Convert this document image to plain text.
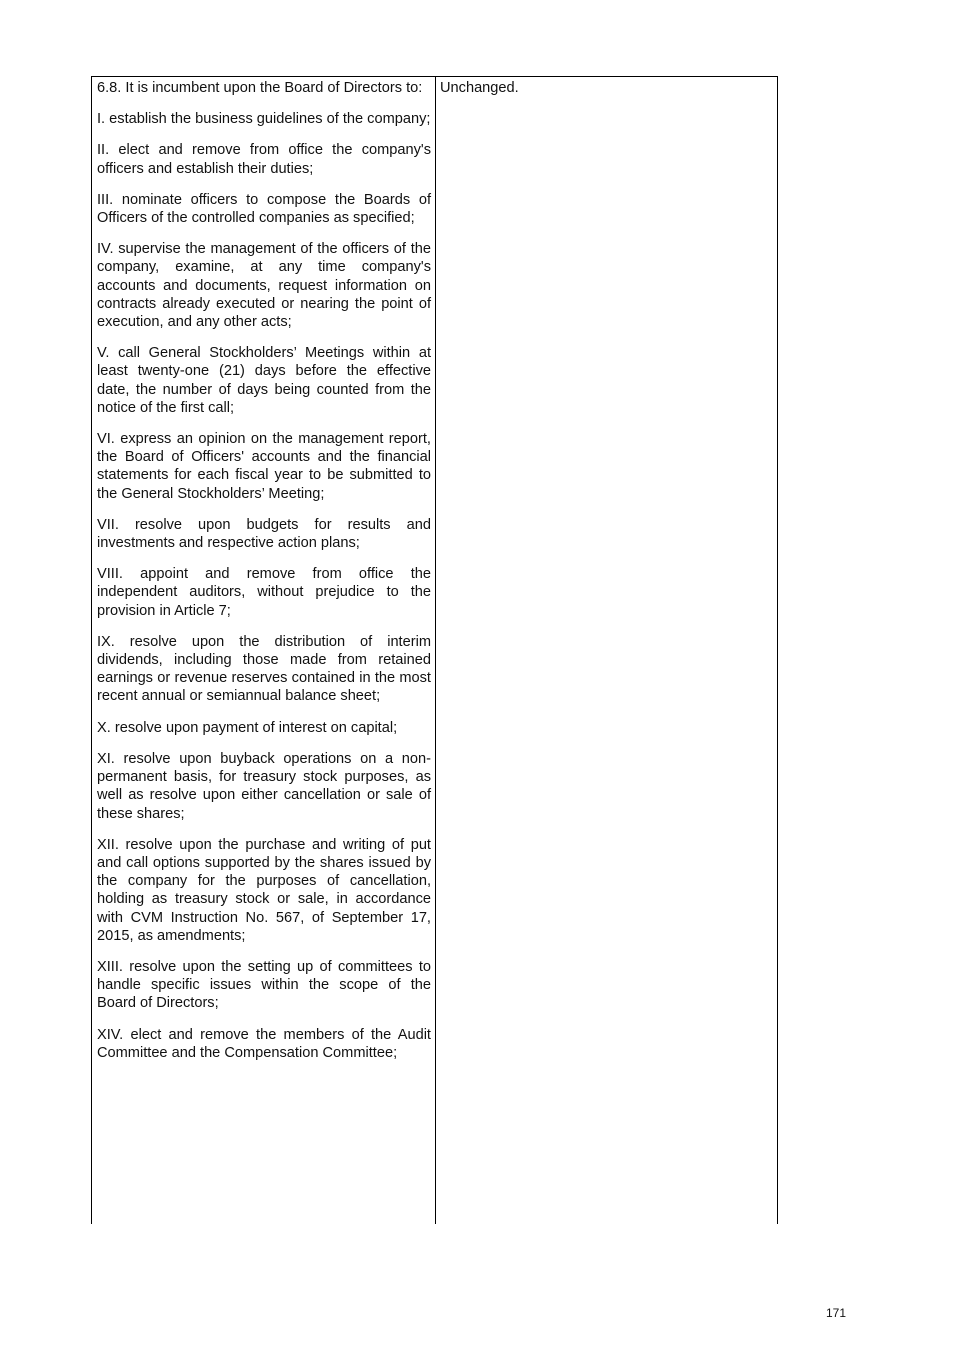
6.8. It is incumbent upon the Board of Directors to:

I. establish the business guidelines of the company;

II. elect and remove from office the company's officers and establish their duties;

III. nominate officers to compose the Boards of Officers of the controlled companies as specified;

IV. supervise the management of the officers of the company, examine, at any time company's accounts and documents, request information on contracts already executed or nearing the point of execution, and any other acts;

V. call General Stockholders’ Meetings within at least twenty-one (21) days before the effective date, the number of days being counted from the notice of the first call;

VI. express an opinion on the management report, the Board of Officers' accounts and the financial statements for each fiscal year to be submitted to the General Stockholders’ Meeting;

VII. resolve upon budgets for results and investments and respective action plans;

VIII. appoint and remove from office the independent auditors, without prejudice to the provision in Article 7;

IX. resolve upon the distribution of interim dividends, including those made from retained earnings or revenue reserves contained in the most recent annual or semiannual balance sheet;

X. resolve upon payment of interest on capital;

XI. resolve upon buyback operations on a non-permanent basis, for treasury stock purposes, as well as resolve upon either cancellation or sale of these shares;

XII. resolve upon the purchase and writing of put and call options supported by the shares issued by the company for the purposes of cancellation, holding as treasury stock or sale, in accordance with CVM Instruction No. 567, of September 17, 2015, as amendments;

XIII. resolve upon the setting up of committees to handle specific issues within the scope of the Board of Directors;

XIV. elect and remove the members of the Audit Committee and the Compensation Committee;

Unchanged.

171
